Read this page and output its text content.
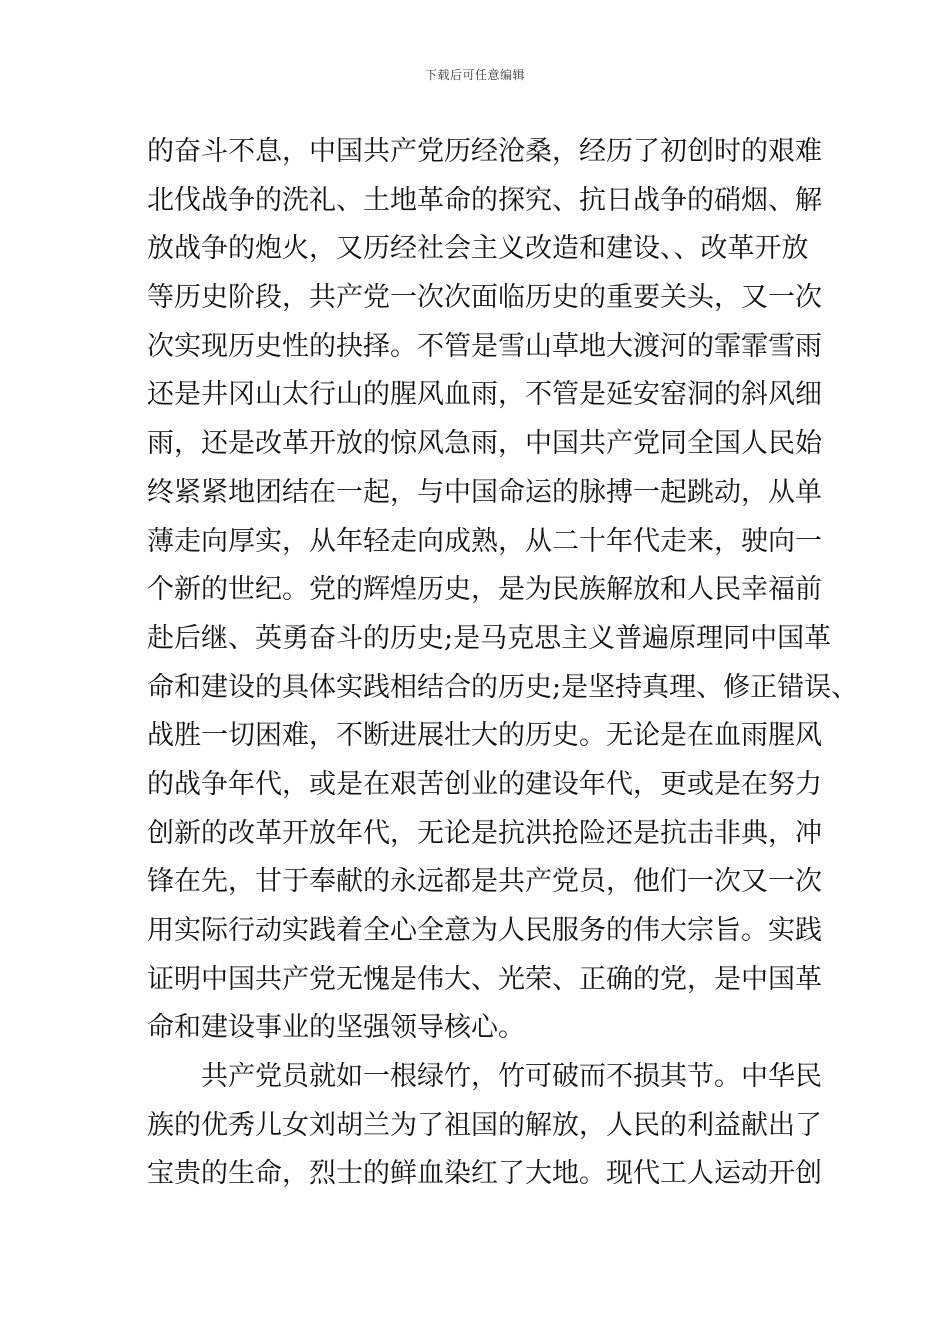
下载后可任意编辑
的奋斗不息，中国共产党历经沧桑，经历了初创时的艰难
北伐战争的洗礼、土地革命的探究、抗日战争的硝烟、解
放战争的炮火，又历经社会主义改造和建设、、改革开放
等历史阶段，共产党一次次面临历史的重要关头，又一次
次实现历史性的抉择。不管是雪山草地大渡河的霏霏雪雨
还是井冈山太行山的腥风血雨，不管是延安窑洞的斜风细
雨，还是改革开放的惊风急雨，中国共产党同全国人民始
终紧紧地团结在一起，与中国命运的脉搏一起跳动，从单
薄走向厚实，从年轻走向成熟，从二十年代走来，驶向一
个新的世纪。党的辉煌历史，是为民族解放和人民幸福前
赴后继、英勇奋斗的历史;是马克思主义普遍原理同中国革
命和建设的具体实践相结合的历史;是坚持真理、修正错误、
战胜一切困难，不断进展壮大的历史。无论是在血雨腥风
的战争年代，或是在艰苦创业的建设年代，更或是在努力
创新的改革开放年代，无论是抗洪抢险还是抗击非典，冲
锋在先，甘于奉献的永远都是共产党员，他们一次又一次
用实际行动实践着全心全意为人民服务的伟大宗旨。实践
证明中国共产党无愧是伟大、光荣、正确的党，是中国革
命和建设事业的坚强领导核心。
共产党员就如一根绿竹，竹可破而不损其节。中华民
族的优秀儿女刘胡兰为了祖国的解放，人民的利益献出了
宝贵的生命，烈士的鲜血染红了大地。现代工人运动开创
